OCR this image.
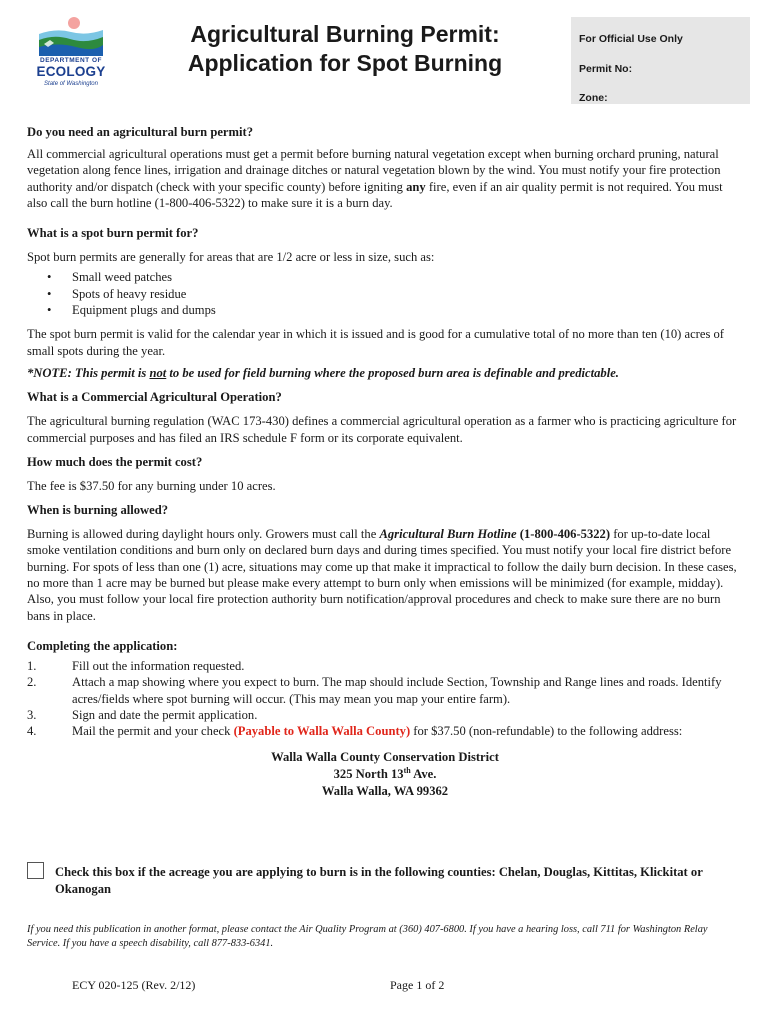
DEPARTMENT OF
ECOLOGY
State of Washington
Agricultural Burning Permit:
Application for Spot Burning
For Official Use Only
Permit No:
Zone:
Do you need an agricultural burn permit?

All commercial agricultural operations must get a permit before burning natural vegetation except when burning orchard pruning, natural vegetation along fence lines, irrigation and drainage ditches or natural vegetation blown by the wind. You must notify your fire protection authority and/or dispatch (check with your specific county) before igniting any fire, even if an air quality permit is not required. You must also call the burn hotline (1-800-406-5322) to make sure it is a burn day.

What is a spot burn permit for?

Spot burn permits are generally for areas that are 1/2 acre or less in size, such as:

• Small weed patches
• Spots of heavy residue
• Equipment plugs and dumps

The spot burn permit is valid for the calendar year in which it is issued and is good for a cumulative total of no more than ten (10) acres of small spots during the year.

*NOTE: This permit is not to be used for field burning where the proposed burn area is definable and predictable.

What is a Commercial Agricultural Operation?

The agricultural burning regulation (WAC 173-430) defines a commercial agricultural operation as a farmer who is practicing agriculture for commercial purposes and has filed an IRS schedule F form or its corporate equivalent.

How much does the permit cost?

The fee is $37.50 for any burning under 10 acres.

When is burning allowed?

Burning is allowed during daylight hours only. Growers must call the Agricultural Burn Hotline (1-800-406-5322) for up-to-date local smoke ventilation conditions and burn only on declared burn days and during times specified. You must notify your local fire district before burning. For spots of less than one (1) acre, situations may come up that make it impractical to follow the daily burn decision. In these cases, no more than 1 acre may be burned but please make every attempt to burn only when emissions will be minimized (for example, midday). Also, you must follow your local fire protection authority burn notification/approval procedures and check to make sure there are no burn bans in place.

Completing the application:
1.	Fill out the information requested.
2.	Attach a map showing where you expect to burn. The map should include Section, Township and Range lines and roads. Identify acres/fields where spot burning will occur. (This may mean you map your entire farm).
3.	Sign and date the permit application.
4.	Mail the permit and your check (Payable to Walla Walla County) for $37.50 (non-refundable) to the following address:
Walla Walla County Conservation District
325 North 13th Ave.
Walla Walla, WA 99362
Check this box if the acreage you are applying to burn is in the following counties: Chelan, Douglas, Kittitas, Klickitat or Okanogan
If you need this publication in another format, please contact the Air Quality Program at (360) 407-6800. If you have a hearing loss, call 711 for Washington Relay Service. If you have a speech disability, call 877-833-6341.
ECY 020-125 (Rev. 2/12)	Page 1 of 2
